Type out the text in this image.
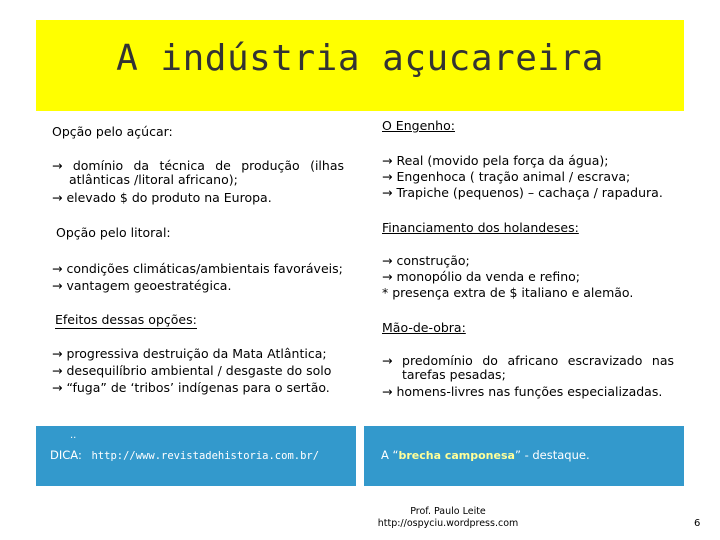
A indústria açucareira
Opção pelo açúcar:
→ domínio da técnica de produção (ilhas
atlânticas /litoral africano);
→ elevado $ do produto na Europa.
Opção pelo litoral:
→ condições climáticas/ambientais favoráveis;
→ vantagem geoestratégica.
Efeitos dessas opções:
→ progressiva destruição da Mata Atlântica;
→ desequilíbrio ambiental / desgaste do solo
→ “fuga” de ‘tribos’ indígenas para o sertão.
O Engenho:
→ Real (movido pela força da água);
→ Engenhoca ( tração animal / escrava;
→ Trapiche (pequenos) – cachaça / rapadura.
Financiamento dos holandeses:
→ construção;
→ monopólio da venda e refino;
* presença extra de $ italiano e alemão.
Mão-de-obra:
→ predomínio do africano escravizado nas
tarefas pesadas;
→ homens-livres nas funções especializadas.
..
DICA: http://www.revistadehistoria.com.br/	A “brecha camponesa” - destaque.
Prof. Paulo Leite
http://ospyciu.wordpress.com	6
